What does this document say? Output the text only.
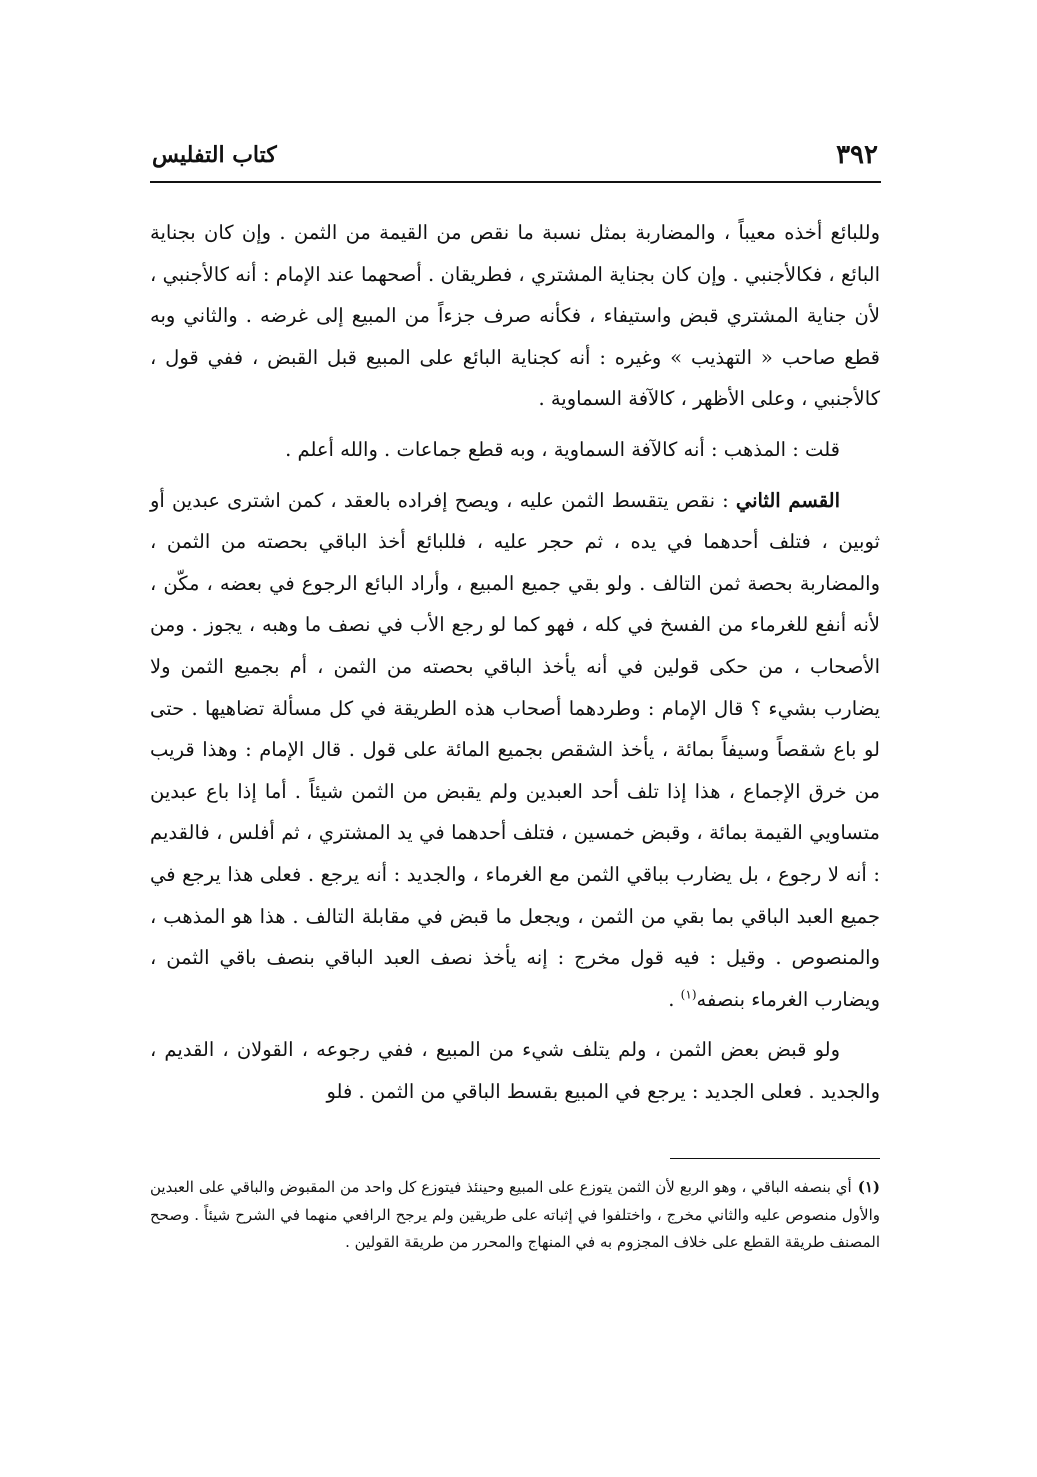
٣٩٢
كتاب التفليس

وللبائع أخذه معيباً ، والمضاربة بمثل نسبة ما نقص من القيمة من الثمن . وإن كان بجناية البائع ، فكالأجنبي . وإن كان بجناية المشتري ، فطريقان . أصحهما عند الإمام : أنه كالأجنبي ، لأن جناية المشتري قبض واستيفاء ، فكأنه صرف جزءاً من المبيع إلى غرضه . والثاني وبه قطع صاحب « التهذيب » وغيره : أنه كجناية البائع على المبيع قبل القبض ، ففي قول ، كالأجنبي ، وعلى الأظهر ، كالآفة السماوية .

قلت : المذهب : أنه كالآفة السماوية ، وبه قطع جماعات . والله أعلم .

القسم الثاني : نقص يتقسط الثمن عليه ، ويصح إفراده بالعقد ، كمن اشترى عبدين أو ثوبين ، فتلف أحدهما في يده ، ثم حجر عليه ، فللبائع أخذ الباقي بحصته من الثمن ، والمضاربة بحصة ثمن التالف . ولو بقي جميع المبيع ، وأراد البائع الرجوع في بعضه ، مكّن ، لأنه أنفع للغرماء من الفسخ في كله ، فهو كما لو رجع الأب في نصف ما وهبه ، يجوز . ومن الأصحاب ، من حكى قولين في أنه يأخذ الباقي بحصته من الثمن ، أم بجميع الثمن ولا يضارب بشيء ؟ قال الإمام : وطردهما أصحاب هذه الطريقة في كل مسألة تضاهيها . حتى لو باع شقصاً وسيفاً بمائة ، يأخذ الشقص بجميع المائة على قول . قال الإمام : وهذا قريب من خرق الإجماع ، هذا إذا تلف أحد العبدين ولم يقبض من الثمن شيئاً . أما إذا باع عبدين متساويي القيمة بمائة ، وقبض خمسين ، فتلف أحدهما في يد المشتري ، ثم أفلس ، فالقديم : أنه لا رجوع ، بل يضارب بباقي الثمن مع الغرماء ، والجديد : أنه يرجع . فعلى هذا يرجع في جميع العبد الباقي بما بقي من الثمن ، ويجعل ما قبض في مقابلة التالف . هذا هو المذهب ، والمنصوص . وقيل : فيه قول مخرج : إنه يأخذ نصف العبد الباقي بنصف باقي الثمن ، ويضارب الغرماء بنصفه$^{(١)}$ .

ولو قبض بعض الثمن ، ولم يتلف شيء من المبيع ، ففي رجوعه ، القولان ، القديم ، والجديد . فعلى الجديد : يرجع في المبيع بقسط الباقي من الثمن . فلو

(١)أي بنصفه الباقي ، وهو الربع لأن الثمن يتوزع على المبيع وحينئذ فيتوزع كل واحد من المقبوض والباقي على العبدين والأول منصوص عليه والثاني مخرج ، واختلفوا في إثباته على طريقين ولم يرجح الرافعي منهما في الشرح شيئاً . وصحح المصنف طريقة القطع على خلاف المجزوم به في المنهاج والمحرر من طريقة القولين .
